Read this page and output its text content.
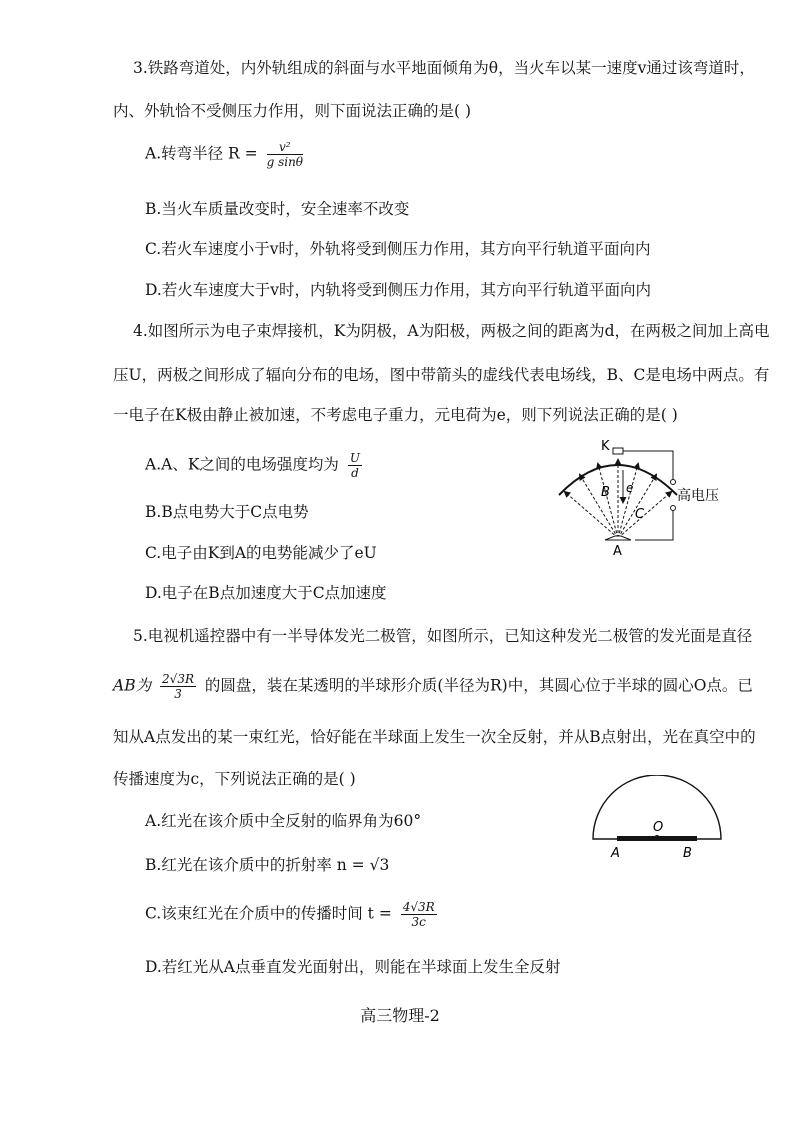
3.铁路弯道处，内外轨组成的斜面与水平地面倾角为θ，当火车以某一速度v通过该弯道时，
内、外轨恰不受侧压力作用，则下面说法正确的是( )
A.转弯半径 $R = \frac{\text{v²}}{\text{g sinθ}}$
B.当火车质量改变时，安全速率不改变
C.若火车速度小于v时，外轨将受到侧压力作用，其方向平行轨道平面向内
D.若火车速度大于v时，内轨将受到侧压力作用，其方向平行轨道平面向内
4.如图所示为电子束焊接机，K为阴极，A为阳极，两极之间的距离为d，在两极之间加上高电
压U，两极之间形成了辐向分布的电场，图中带箭头的虚线代表电场线，B、C是电场中两点。有
一电子在K极由静止被加速，不考虑电子重力，元电荷为e，则下列说法正确的是( )
A.A、K之间的电场强度均为 $\frac{U}{d}$
B.B点电势大于C点电势
C.电子由K到A的电势能减少了eU
D.电子在B点加速度大于C点加速度
K
B e
C
A
高电压
5.电视机遥控器中有一半导体发光二极管，如图所示，已知这种发光二极管的发光面是直径
AB为 $\frac{2√3R}{3}$ 的圆盘，装在某透明的半球形介质(半径为R)中，其圆心位于半球的圆心O点。已
知从A点发出的某一束红光，恰好能在半球面上发生一次全反射，并从B点射出，光在真空中的
传播速度为c，下列说法正确的是( )
A.红光在该介质中全反射的临界角为60°
B.红光在该介质中的折射率 n = √3
C.该束红光在介质中的传播时间 $t = \frac{4√3R}{3c}$
D.若红光从A点垂直发光面射出，则能在半球面上发生全反射
O
A	B
高三物理-2
